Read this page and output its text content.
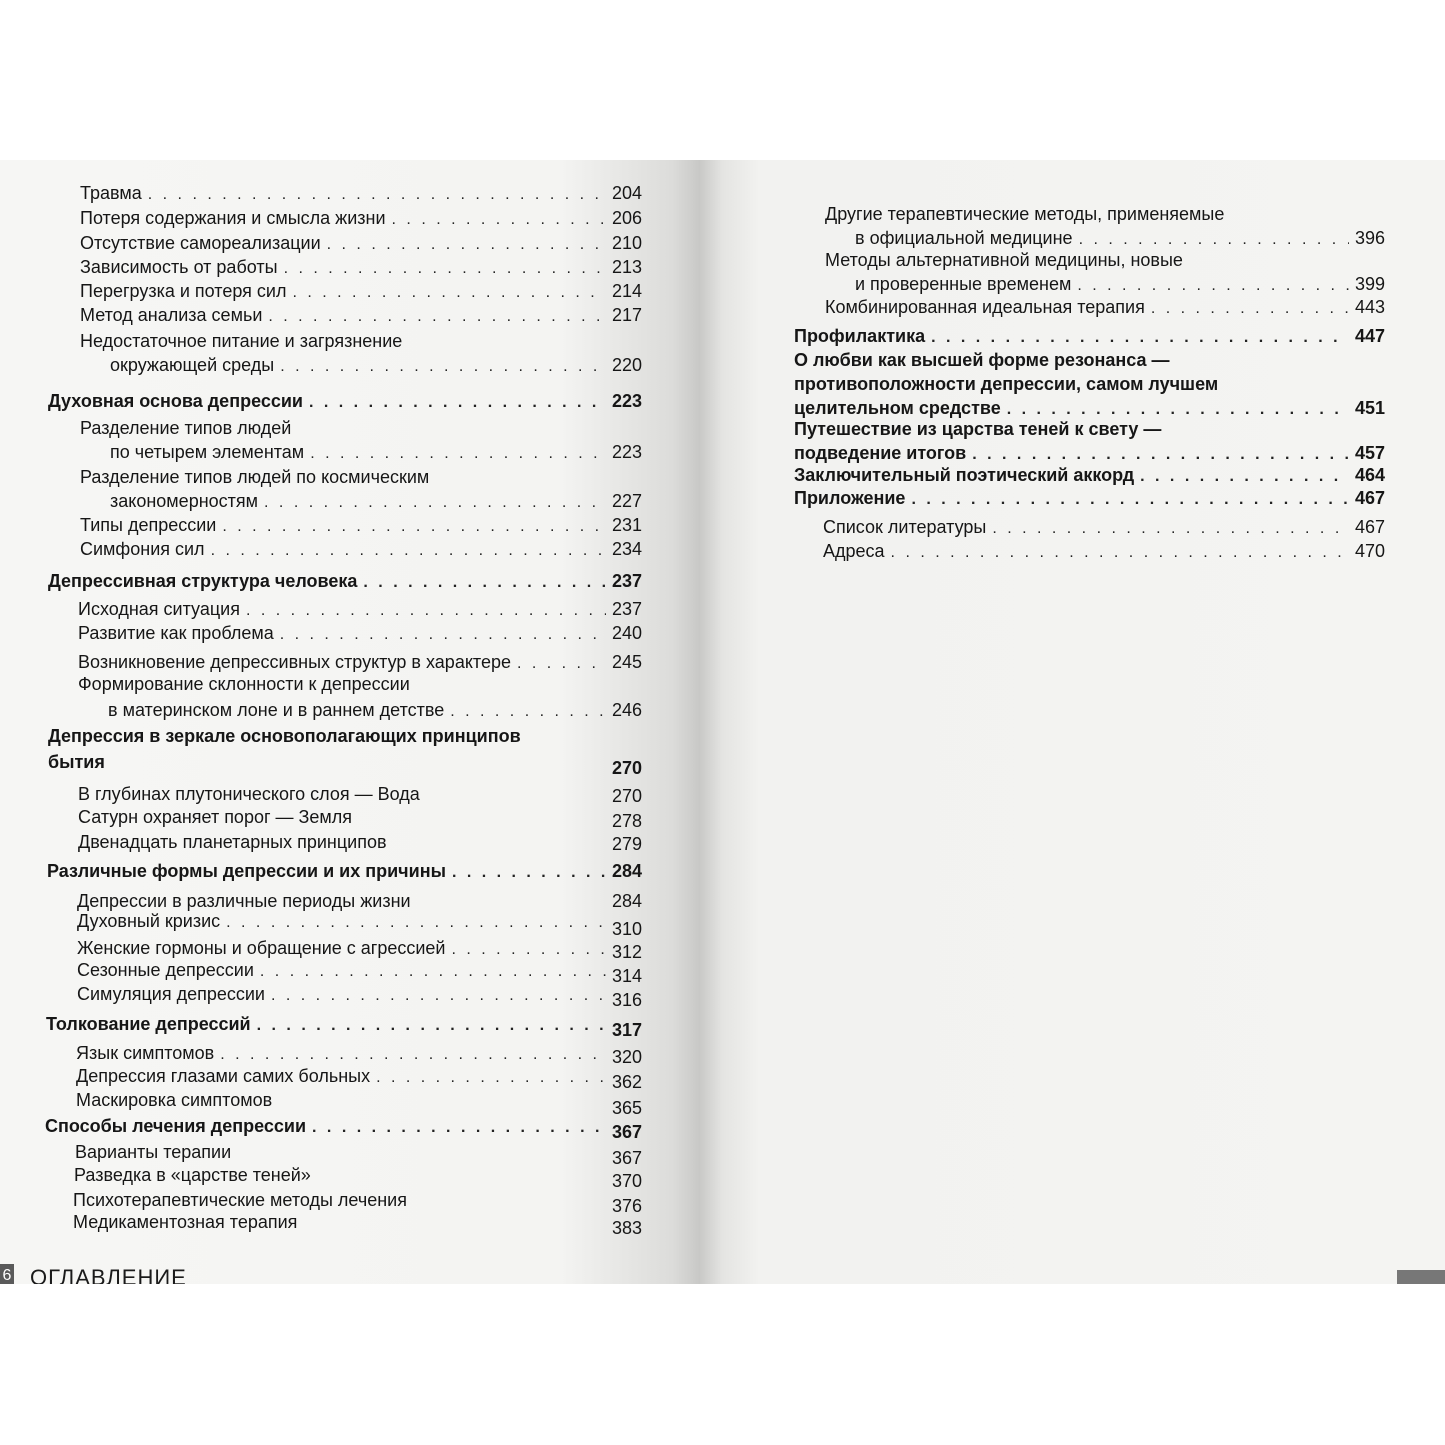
Травма . . .	204
Потеря содержания и смысла жизни . . .	206
Отсутствие самореализации . . .	210
Зависимость от работы . . .	213
Перегрузка и потеря сил . . .	214
Метод анализа семьи . . .	217
Недостаточное питание и загрязнение
окружающей среды . . .	220
Духовная основа депрессии . . .	223
Разделение типов людей
по четырем элементам . . .	223
Разделение типов людей по космическим
закономерностям . . .	227
Типы депрессии . . .	231
Симфония сил . . .	234
Депрессивная структура человека . . .	237
Исходная ситуация . . .	237
Развитие как проблема . . .	240
Возникновение депрессивных структур в характере . . .	245
Формирование склонности к депрессии
в материнском лоне и в раннем детстве . . .	246
Депрессия в зеркале основополагающих принципов
бытия	270
В глубинах плутонического слоя — Вода	270
Сатурн охраняет порог — Земля	278
Двенадцать планетарных принципов	279
Различные формы депрессии и их причины . . .	284
Депрессии в различные периоды жизни	284
Духовный кризис . . .	310
Женские гормоны и обращение с агрессией . . .	312
Сезонные депрессии . . .	314
Симуляция депрессии . . .	316
Толкование депрессий . . .	317
Язык симптомов . . .	320
Депрессия глазами самих больных . . .	362
Маскировка симптомов	365
Способы лечения депрессии . . .	367
Варианты терапии	367
Разведка в «царстве теней»	370
Психотерапевтические методы лечения	376
Медикаментозная терапия	383
6 ОГЛАВЛЕНИЕ
Другие терапевтические методы, применяемые
в официальной медицине . . .	396
Методы альтернативной медицины, новые
и проверенные временем . . .	399
Комбинированная идеальная терапия . . .	443
Профилактика . . .	447
О любви как высшей форме резонанса —
противоположности депрессии, самом лучшем
целительном средстве . . .	451
Путешествие из царства теней к свету —
подведение итогов . . .	457
Заключительный поэтический аккорд . . .	464
Приложение . . .	467
Список литературы . . .	467
Адреса . . .	470
